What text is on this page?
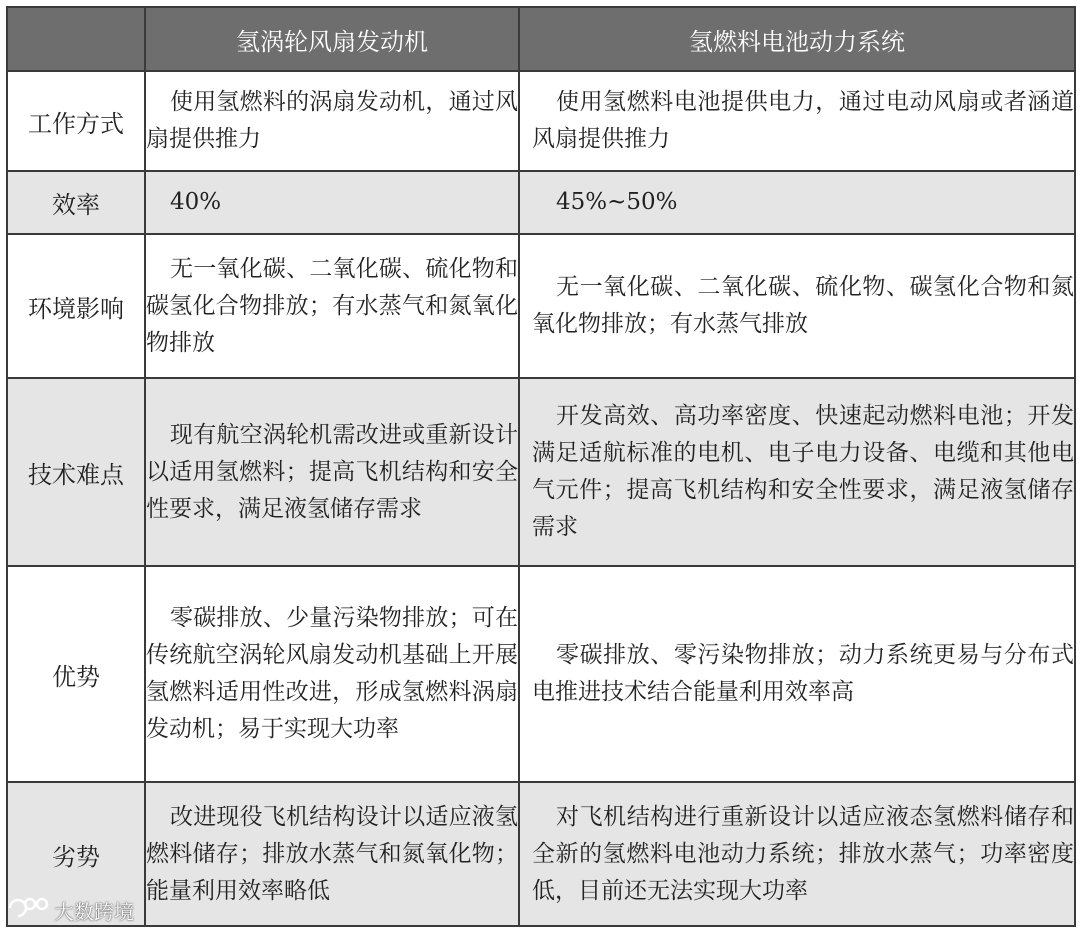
	氢涡轮风扇发动机	氢燃料电池动力系统
工作方式	使用氢燃料的涡扇发动机，通过风扇提供推力	使用氢燃料电池提供电力，通过电动风扇或者涵道风扇提供推力
效率	40%	45%~50%
环境影响	无一氧化碳、二氧化碳、硫化物和碳氢化合物排放；有水蒸气和氮氧化物排放	无一氧化碳、二氧化碳、硫化物、碳氢化合物和氮氧化物排放；有水蒸气排放
技术难点	现有航空涡轮机需改进或重新设计以适用氢燃料；提高飞机结构和安全性要求，满足液氢储存需求	开发高效、高功率密度、快速起动燃料电池；开发满足适航标准的电机、电子电力设备、电缆和其他电气元件；提高飞机结构和安全性要求，满足液氢储存需求
优势	零碳排放、少量污染物排放；可在传统航空涡轮风扇发动机基础上开展氢燃料适用性改进，形成氢燃料涡扇发动机；易于实现大功率	零碳排放、零污染物排放；动力系统更易与分布式电推进技术结合能量利用效率高
劣势	改进现役飞机结构设计以适应液氢燃料储存；排放水蒸气和氮氧化物；能量利用效率略低	对飞机结构进行重新设计以适应液态氢燃料储存和全新的氢燃料电池动力系统；排放水蒸气；功率密度低，目前还无法实现大功率
大数跨境
